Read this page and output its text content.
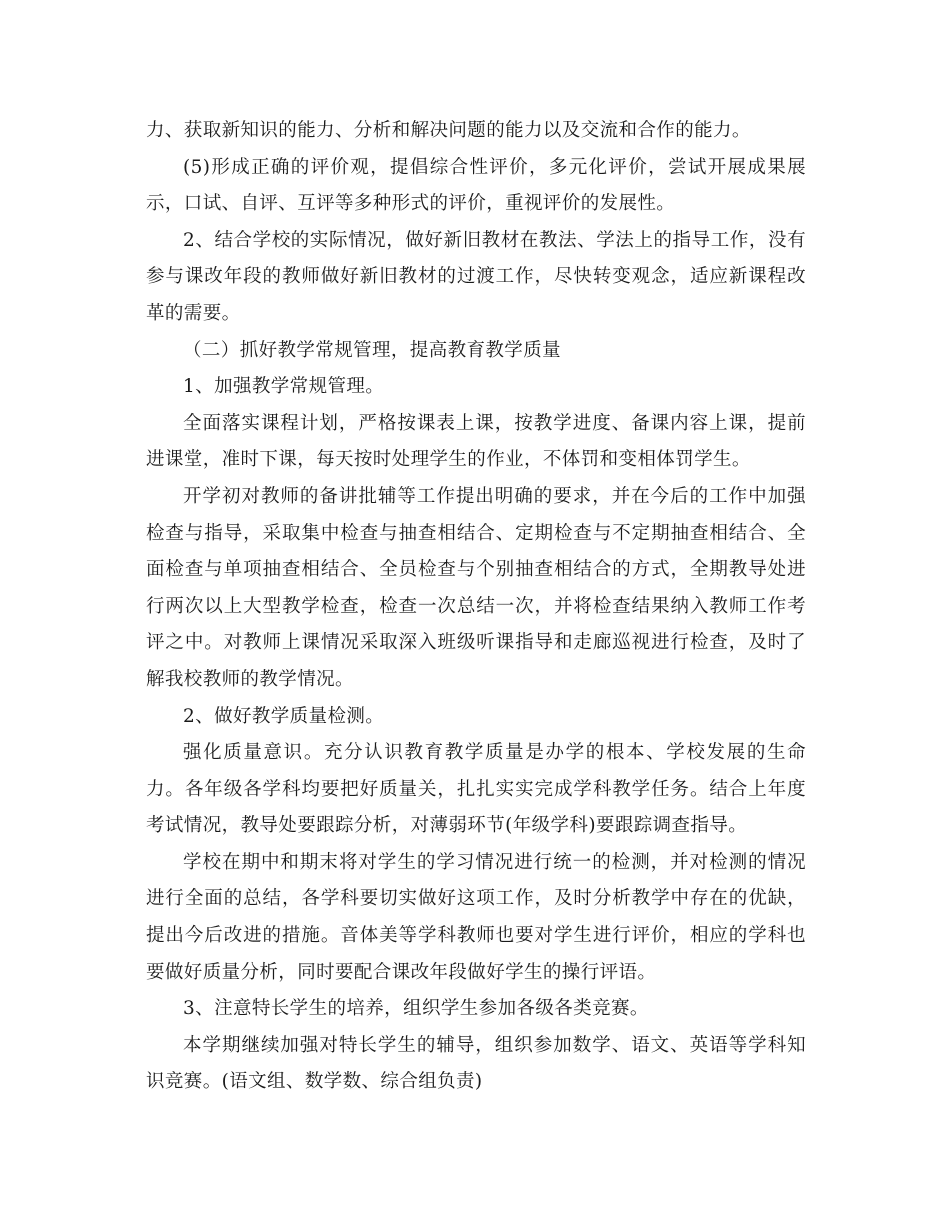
力、获取新知识的能力、分析和解决问题的能力以及交流和合作的能力。

(5)形成正确的评价观，提倡综合性评价，多元化评价，尝试开展成果展示，口试、自评、互评等多种形式的评价，重视评价的发展性。

2、结合学校的实际情况，做好新旧教材在教法、学法上的指导工作，没有参与课改年段的教师做好新旧教材的过渡工作，尽快转变观念，适应新课程改革的需要。

（二）抓好教学常规管理，提高教育教学质量

1、加强教学常规管理。

全面落实课程计划，严格按课表上课，按教学进度、备课内容上课，提前进课堂，准时下课，每天按时处理学生的作业，不体罚和变相体罚学生。

开学初对教师的备讲批辅等工作提出明确的要求，并在今后的工作中加强检查与指导，采取集中检查与抽查相结合、定期检查与不定期抽查相结合、全面检查与单项抽查相结合、全员检查与个别抽查相结合的方式，全期教导处进行两次以上大型教学检查，检查一次总结一次，并将检查结果纳入教师工作考评之中。对教师上课情况采取深入班级听课指导和走廊巡视进行检查，及时了解我校教师的教学情况。

2、做好教学质量检测。

强化质量意识。充分认识教育教学质量是办学的根本、学校发展的生命力。各年级各学科均要把好质量关，扎扎实实完成学科教学任务。结合上年度考试情况，教导处要跟踪分析，对薄弱环节(年级学科)要跟踪调查指导。

学校在期中和期末将对学生的学习情况进行统一的检测，并对检测的情况进行全面的总结，各学科要切实做好这项工作，及时分析教学中存在的优缺，提出今后改进的措施。音体美等学科教师也要对学生进行评价，相应的学科也要做好质量分析，同时要配合课改年段做好学生的操行评语。

3、注意特长学生的培养，组织学生参加各级各类竞赛。

本学期继续加强对特长学生的辅导，组织参加数学、语文、英语等学科知识竞赛。(语文组、数学数、综合组负责)
